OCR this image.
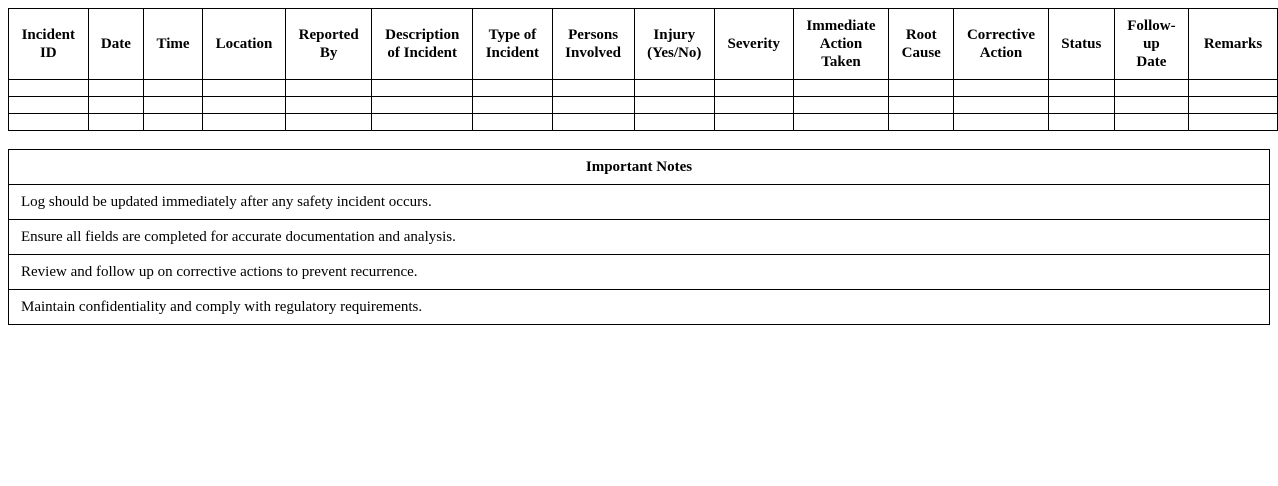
Incident ID	Date	Time	Location	Reported By	Description of Incident	Type of Incident	Persons Involved	Injury (Yes/No)	Severity	Immediate Action Taken	Root Cause	Corrective Action	Status	Follow-up Date	Remarks

Important Notes
Log should be updated immediately after any safety incident occurs.
Ensure all fields are completed for accurate documentation and analysis.
Review and follow up on corrective actions to prevent recurrence.
Maintain confidentiality and comply with regulatory requirements.
